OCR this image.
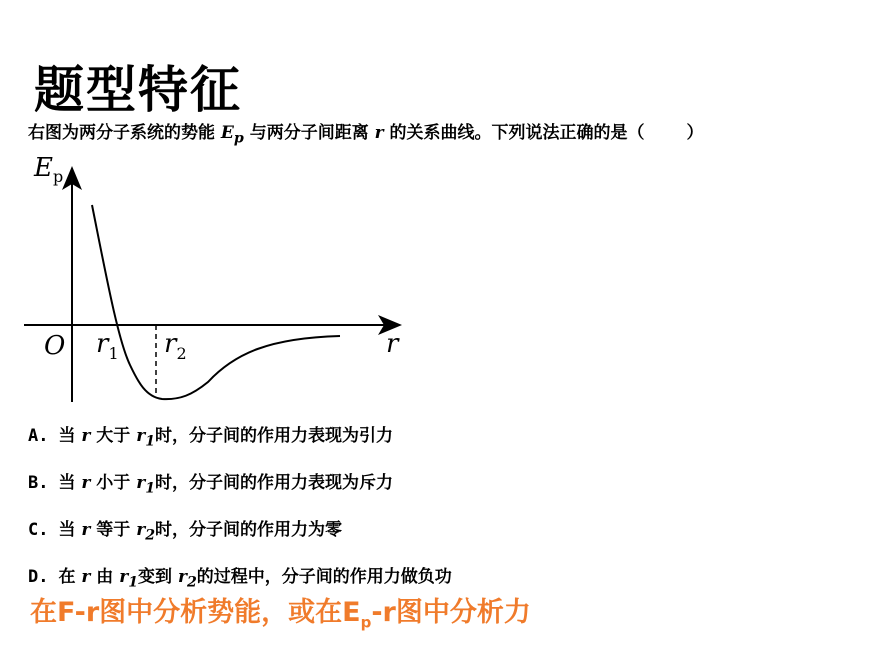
题型特征
右图为两分子系统的势能 $E_p$ 与两分子间距离 r 的关系曲线。下列说法正确的是（ ）
$E_p$
O $r_1$ $r_2$	r
A. 当 r 大于 $r_1$时，分子间的作用力表现为引力
B. 当 r 小于 $r_1$时，分子间的作用力表现为斥力
C. 当 r 等于 $r_2$时，分子间的作用力为零
D. 在 r 由 $r_1$变到 $r_2$的过程中，分子间的作用力做负功
在F-r图中分析势能，或在$E_p-r$图中分析力
